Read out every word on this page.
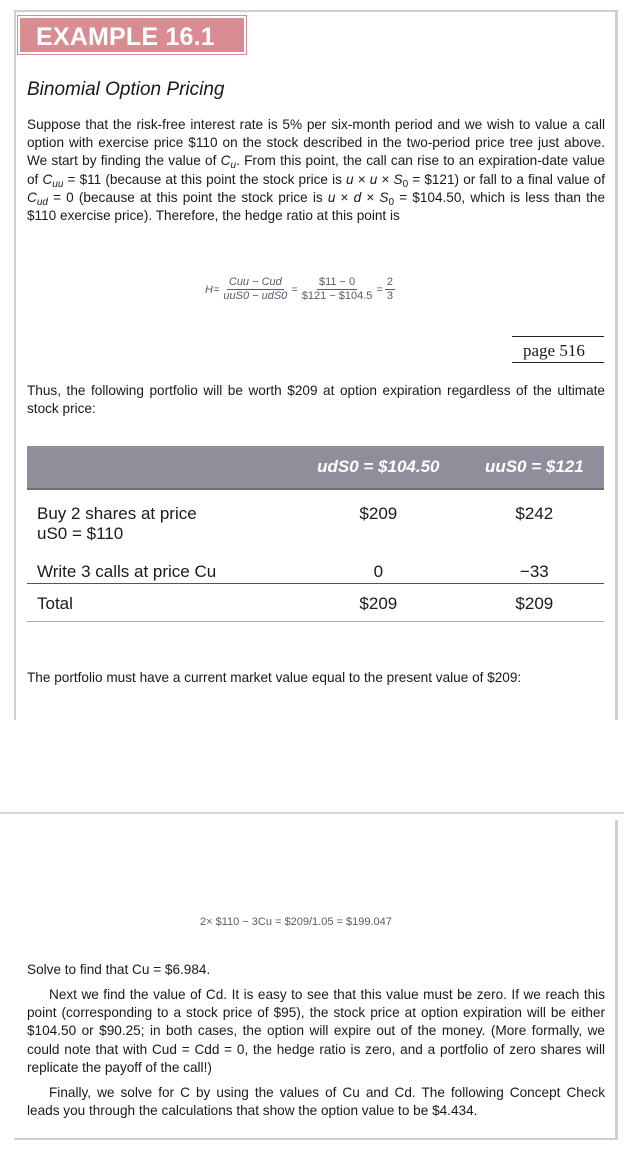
EXAMPLE 16.1
Binomial Option Pricing
Suppose that the risk-free interest rate is 5% per six-month period and we wish to value a call option with exercise price $110 on the stock described in the two-period price tree just above. We start by finding the value of $C_u$. From this point, the call can rise to an expiration-date value of $C_{uu}$ = $11 (because at this point the stock price is $u \times u \times S_0$ = $121) or fall to a final value of $C_{ud} = 0$ (because at this point the stock price is $u \times d \times S_0$ = $104.50, which is less than the $110 exercise price). Therefore, the hedge ratio at this point is
$H= \frac{\text{Cuu − Cud}}{\text{uuS0 − udS0}} = \frac{\$11 - 0}{\$121 - \$104.5} = \frac{2}{3}$
page 516
Thus, the following portfolio will be worth $209 at option expiration regardless of the ultimate stock price:
	udS0 = $104.50	uuS0 = $121
Buy 2 shares at price
uS0 = $110	$209	$242
Write 3 calls at price Cu	0	−33
Total	$209	$209
The portfolio must have a current market value equal to the present value of $209:
2× $110 − 3Cu = $209/1.05 = $199.047
Solve to find that Cu = $6.984.
Next we find the value of Cd. It is easy to see that this value must be zero. If we reach this point (corresponding to a stock price of $95), the stock price at option expiration will be either $104.50 or $90.25; in both cases, the option will expire out of the money. (More formally, we could note that with Cud = Cdd = 0, the hedge ratio is zero, and a portfolio of zero shares will replicate the payoff of the call!)
Finally, we solve for C by using the values of Cu and Cd. The following Concept Check leads you through the calculations that show the option value to be $4.434.
